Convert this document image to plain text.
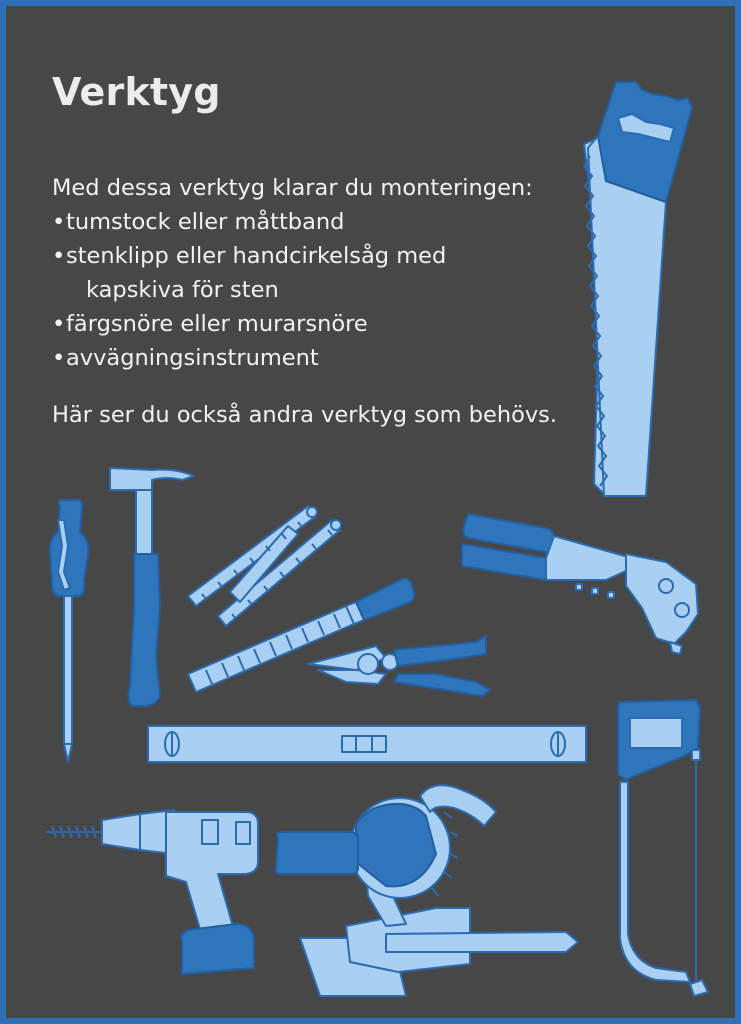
Verktyg
Med dessa verktyg klarar du monteringen:
• tumstock eller måttband
• stenklipp eller handcirkelsåg med
kapskiva för sten
• färgsnöre eller murarsnöre
• avvägningsinstrument
Här ser du också andra verktyg som behövs.
